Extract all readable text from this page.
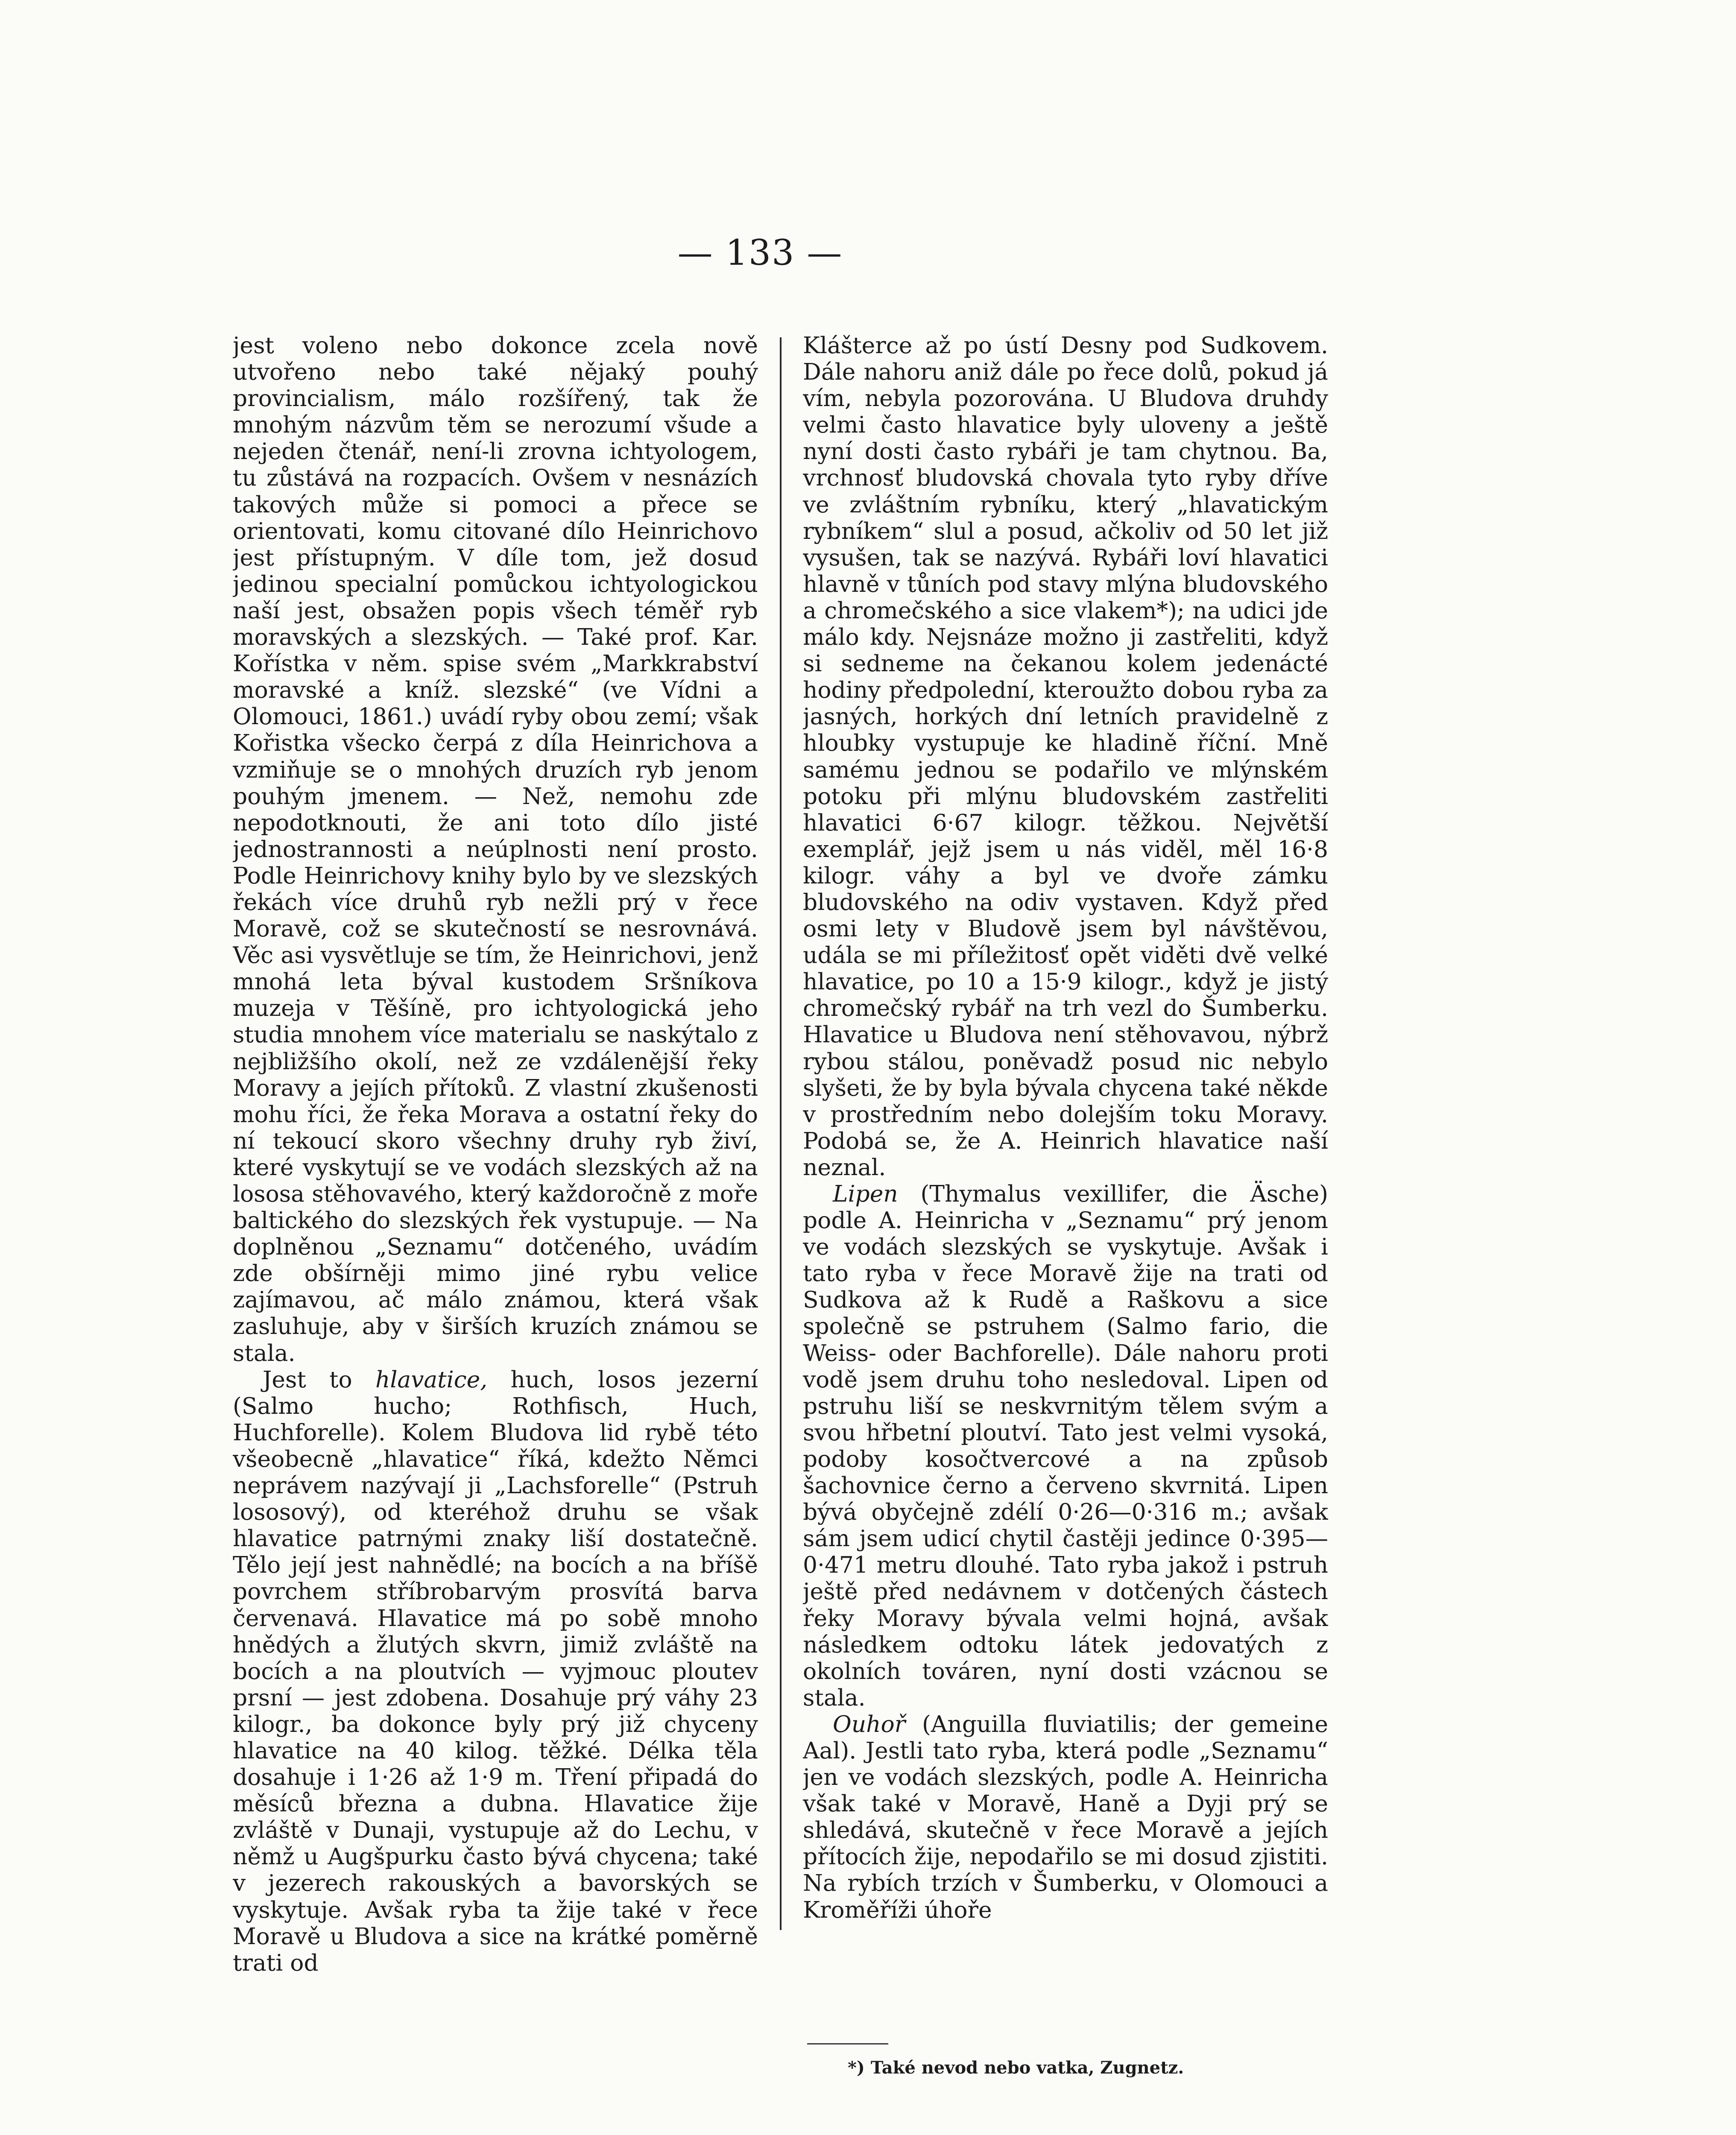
— 133 —

jest voleno nebo dokonce zcela nově utvořeno nebo také nějaký pouhý provincialism, málo rozšířený, tak že mnohým názvům těm se nerozumí všude a nejeden čtenář, není-li zrovna ichtyologem, tu zůstává na rozpacích. Ovšem v nesnázích takových může si pomoci a přece se orientovati, komu citované dílo Heinrichovo jest přístupným. V díle tom, jež dosud jedinou specialní pomůckou ichtyologickou naší jest, obsažen popis všech téměř ryb moravských a slezských. — Také prof. Kar. Kořístka v něm. spise svém „Markkrabství moravské a kníž. slezské“ (ve Vídni a Olomouci, 1861.) uvádí ryby obou zemí; však Kořistka všecko čerpá z díla Heinrichova a vzmiňuje se o mnohých druzích ryb jenom pouhým jmenem. — Než, nemohu zde nepodotknouti, že ani toto dílo jisté jednostrannosti a neúplnosti není prosto. Podle Heinrichovy knihy bylo by ve slezských řekách více druhů ryb nežli prý v řece Moravě, což se skutečností se nesrovnává. Věc asi vysvětluje se tím, že Heinrichovi, jenž mnohá leta býval kustodem Sršníkova muzeja v Těšíně, pro ichtyologická jeho studia mnohem více materialu se naskýtalo z nejbližšího okolí, než ze vzdálenější řeky Moravy a jejích přítoků. Z vlastní zkušenosti mohu říci, že řeka Morava a ostatní řeky do ní tekoucí skoro všechny druhy ryb živí, které vyskytují se ve vodách slezských až na lososa stěhovavého, který každoročně z moře baltického do slezských řek vystupuje. — Na doplněnou „Seznamu“ dotčeného, uvádím zde obšírněji mimo jiné rybu velice zajímavou, ač málo známou, která však zasluhuje, aby v širších kruzích známou se stala.

Jest to hlavatice, huch, losos jezerní (Salmo hucho; Rothfisch, Huch, Huchforelle). Kolem Bludova lid rybě této všeobecně „hlavatice“ říká, kdežto Němci neprávem nazývají ji „Lachsforelle“ (Pstruh lososový), od kteréhož druhu se však hlavatice patrnými znaky liší dostatečně. Tělo její jest nahnědlé; na bocích a na bříšě povrchem stříbrobarvým prosvítá barva červenavá. Hlavatice má po sobě mnoho hnědých a žlutých skvrn, jimiž zvláště na bocích a na ploutvích — vyjmouc ploutev prsní — jest zdobena. Dosahuje prý váhy 23 kilogr., ba dokonce byly prý již chyceny hlavatice na 40 kilog. těžké. Délka těla dosahuje i 1·26 až 1·9 m. Tření připadá do měsíců března a dubna. Hlavatice žije zvláště v Dunaji, vystupuje až do Lechu, v němž u Augšpurku často bývá chycena; také v jezerech rakouských a bavorských se vyskytuje. Avšak ryba ta žije také v řece Moravě u Bludova a sice na krátké poměrně trati od

Klášterce až po ústí Desny pod Sudkovem. Dále nahoru aniž dále po řece dolů, pokud já vím, nebyla pozorována. U Bludova druhdy velmi často hlavatice byly uloveny a ještě nyní dosti často rybáři je tam chytnou. Ba, vrchnosť bludovská chovala tyto ryby dříve ve zvláštním rybníku, který „hlavatickým rybníkem“ slul a posud, ačkoliv od 50 let již vysušen, tak se nazývá. Rybáři loví hlavatici hlavně v tůních pod stavy mlýna bludovského a chromečského a sice vlakem*); na udici jde málo kdy. Nejsnáze možno ji zastřeliti, když si sedneme na čekanou kolem jedenácté hodiny předpolední, kteroužto dobou ryba za jasných, horkých dní letních pravidelně z hloubky vystupuje ke hladině říční. Mně samému jednou se podařilo ve mlýnském potoku při mlýnu bludovském zastřeliti hlavatici 6·67 kilogr. těžkou. Největší exemplář, jejž jsem u nás viděl, měl 16·8 kilogr. váhy a byl ve dvoře zámku bludovského na odiv vystaven. Když před osmi lety v Bludově jsem byl návštěvou, udála se mi příležitosť opět viděti dvě velké hlavatice, po 10 a 15·9 kilogr., když je jistý chromečský rybář na trh vezl do Šumberku. Hlavatice u Bludova není stěhovavou, nýbrž rybou stálou, poněvadž posud nic nebylo slyšeti, že by byla bývala chycena také někde v prostředním nebo dolejším toku Moravy. Podobá se, že A. Heinrich hlavatice naší neznal.

Lipen (Thymalus vexillifer, die Äsche) podle A. Heinricha v „Seznamu“ prý jenom ve vodách slezských se vyskytuje. Avšak i tato ryba v řece Moravě žije na trati od Sudkova až k Rudě a Raškovu a sice společně se pstruhem (Salmo fario, die Weiss- oder Bachforelle). Dále nahoru proti vodě jsem druhu toho nesledoval. Lipen od pstruhu liší se neskvrnitým tělem svým a svou hřbetní ploutví. Tato jest velmi vysoká, podoby kosočtvercové a na způsob šachovnice černo a červeno skvrnitá. Lipen bývá obyčejně zdélí 0·26—0·316 m.; avšak sám jsem udicí chytil častěji jedince 0·395—0·471 metru dlouhé. Tato ryba jakož i pstruh ještě před nedávnem v dotčených částech řeky Moravy bývala velmi hojná, avšak následkem odtoku látek jedovatých z okolních továren, nyní dosti vzácnou se stala.

Ouhoř (Anguilla fluviatilis; der gemeine Aal). Jestli tato ryba, která podle „Seznamu“ jen ve vodách slezských, podle A. Heinricha však také v Moravě, Haně a Dyji prý se shledává, skutečně v řece Moravě a jejích přítocích žije, nepodařilo se mi dosud zjistiti. Na rybích trzích v Šumberku, v Olomouci a Kroměříži úhoře

*) Také nevod nebo vatka, Zugnetz.
